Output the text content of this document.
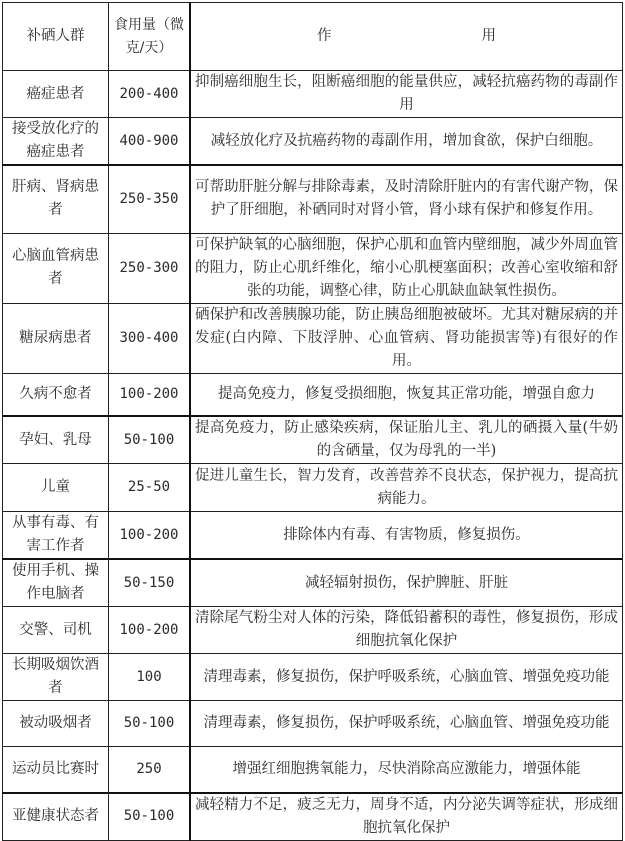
补硒人群	食用量（微克/天）	作 用
癌症患者	200-400	抑制癌细胞生长，阻断癌细胞的能量供应，减轻抗癌药物的毒副作用
接受放化疗的癌症患者	400-900	减轻放化疗及抗癌药物的毒副作用，增加食欲，保护白细胞。
肝病、肾病患者	250-350	可帮助肝脏分解与排除毒素，及时清除肝脏内的有害代谢产物，保护了肝细胞，补硒同时对肾小管，肾小球有保护和修复作用。
心脑血管病患者	250-300	可保护缺氧的心脑细胞，保护心肌和血管内壁细胞，减少外周血管的阻力，防止心肌纤维化，缩小心肌梗塞面积；改善心室收缩和舒张的功能，调整心律，防止心肌缺血缺氧性损伤。
糖尿病患者	300-400	硒保护和改善胰腺功能，防止胰岛细胞被破坏。尤其对糖尿病的并发症(白内障、下肢浮肿、心血管病、肾功能损害等)有很好的作用。
久病不愈者	100-200	提高免疫力，修复受损细胞，恢复其正常功能，增强自愈力
孕妇、乳母	50-100	提高免疫力，防止感染疾病，保证胎儿主、乳儿的硒摄入量(牛奶的含硒量，仅为母乳的一半)
儿童	25-50	促进儿童生长，智力发育，改善营养不良状态，保护视力，提高抗病能力。
从事有毒、有害工作者	100-200	排除体内有毒、有害物质，修复损伤。
使用手机、操作电脑者	50-150	减轻辐射损伤，保护脾脏、肝脏
交警、司机	100-200	清除尾气粉尘对人体的污染，降低铅蓄积的毒性，修复损伤，形成细胞抗氧化保护
长期吸烟饮酒者	100	清理毒素，修复损伤，保护呼吸系统，心脑血管、增强免疫功能
被动吸烟者	50-100	清理毒素，修复损伤，保护呼吸系统，心脑血管、增强免疫功能
运动员比赛时	250	增强红细胞携氧能力，尽快消除高应激能力，增强体能
亚健康状态者	50-100	减轻精力不足，疲乏无力，周身不适，内分泌失调等症状，形成细胞抗氧化保护
